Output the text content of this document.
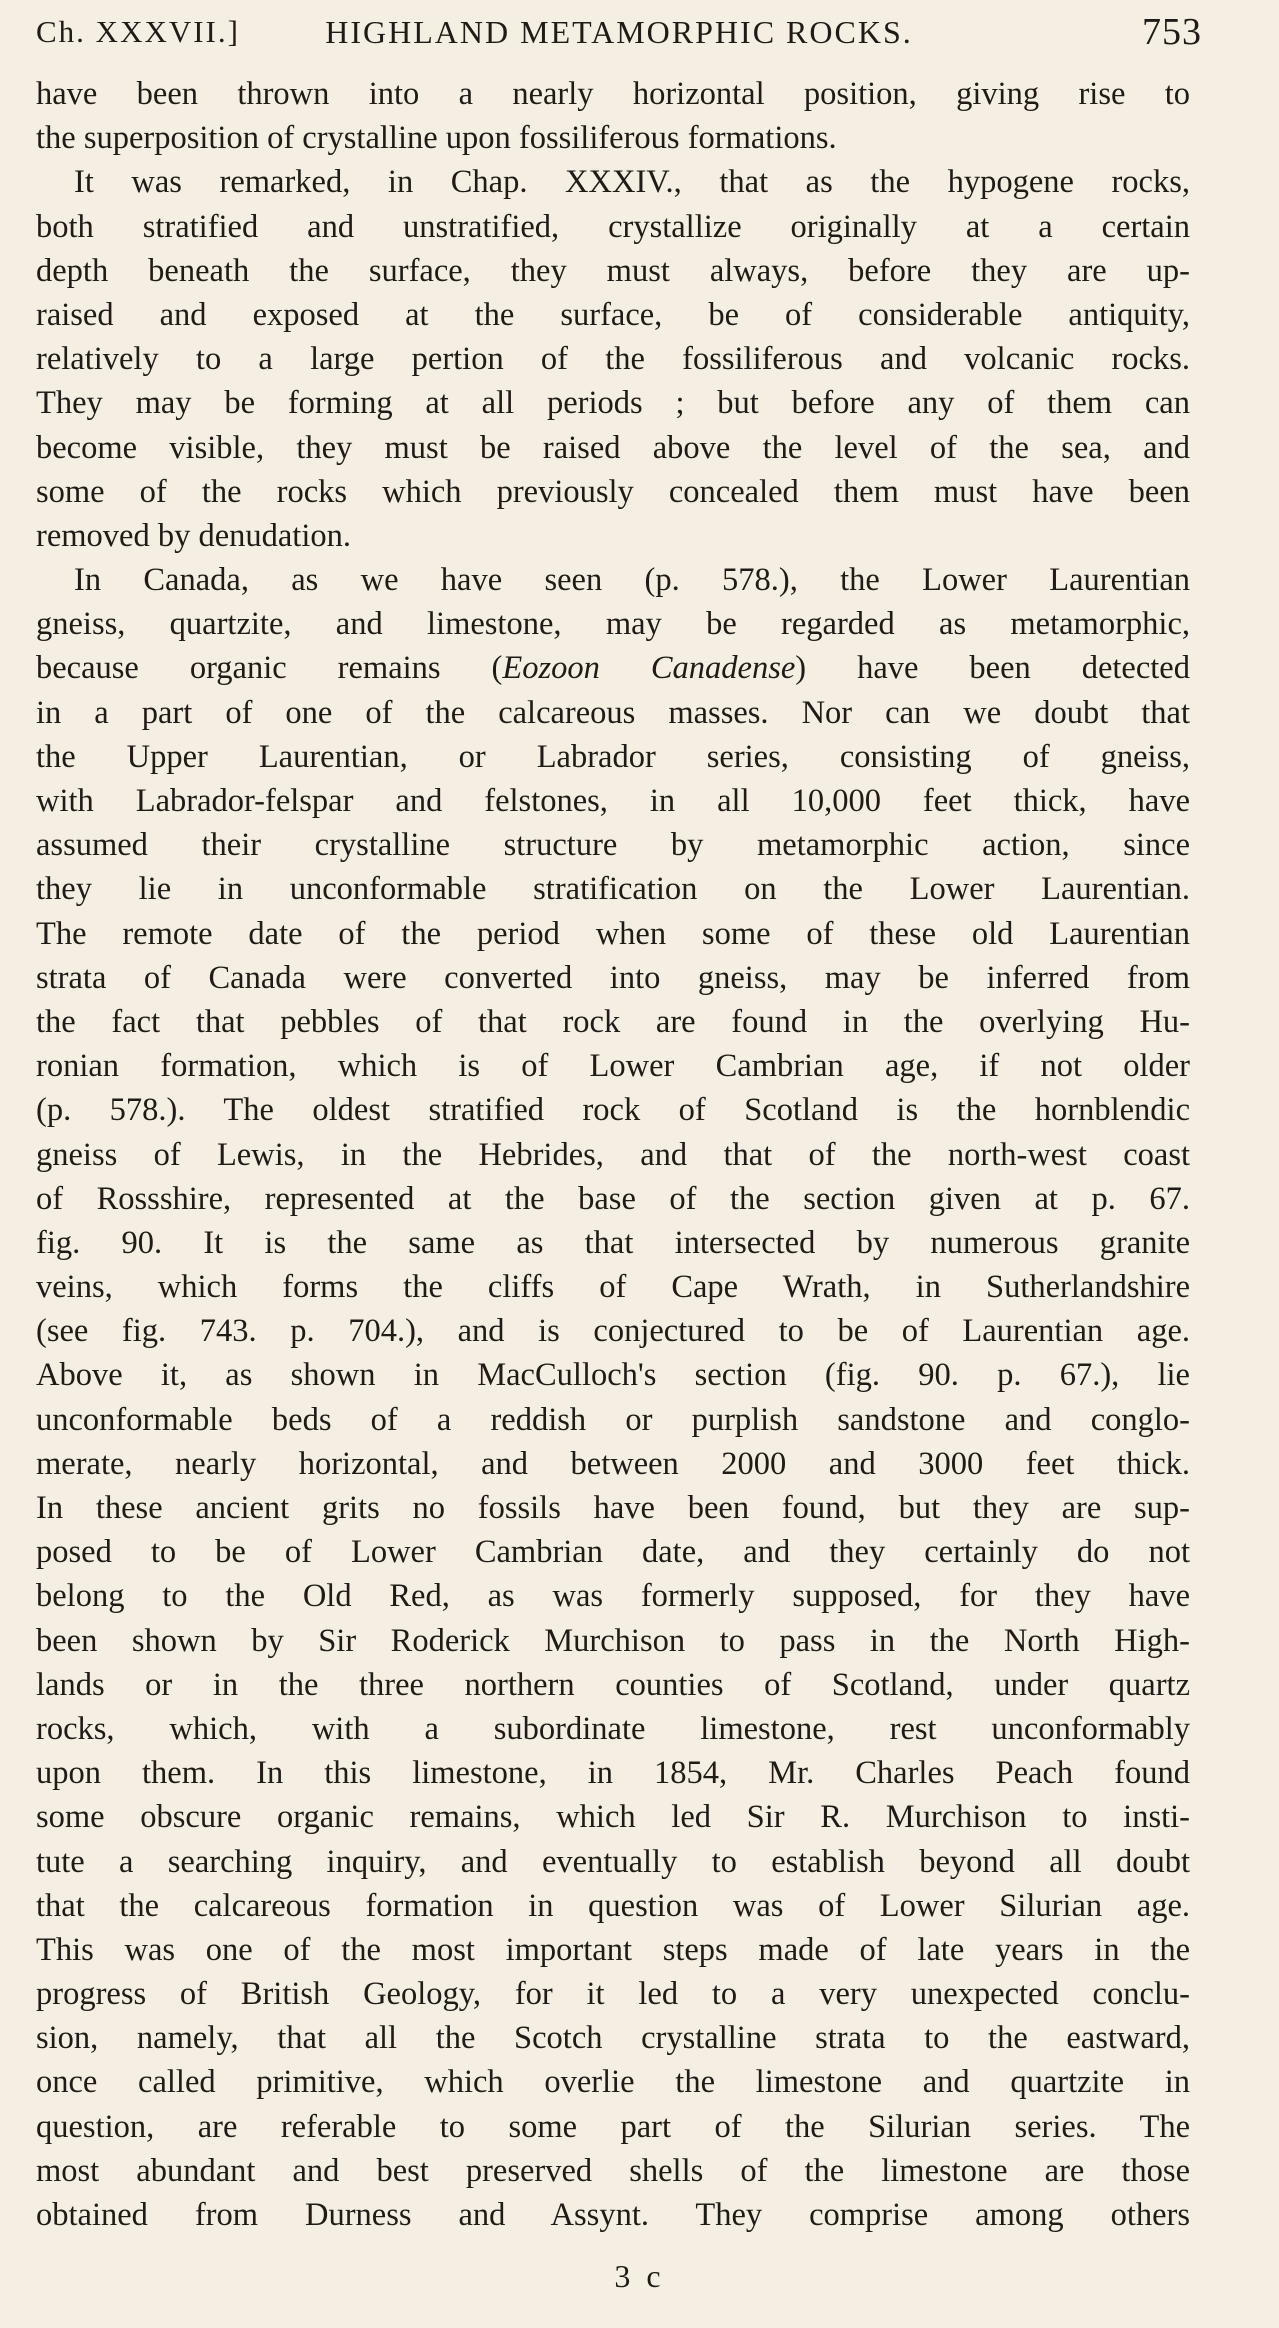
Ch. XXXVII.]	HIGHLAND METAMORPHIC ROCKS.	753
have been thrown into a nearly horizontal position, giving rise to
the superposition of crystalline upon fossiliferous formations.
It was remarked, in Chap. XXXIV., that as the hypogene rocks,
both stratified and unstratified, crystallize originally at a certain
depth beneath the surface, they must always, before they are up-
raised and exposed at the surface, be of considerable antiquity,
relatively to a large pertion of the fossiliferous and volcanic rocks.
They may be forming at all periods ; but before any of them can
become visible, they must be raised above the level of the sea, and
some of the rocks which previously concealed them must have been
removed by denudation.
In Canada, as we have seen (p. 578.), the Lower Laurentian
gneiss, quartzite, and limestone, may be regarded as metamorphic,
because organic remains (Eozoon Canadense) have been detected
in a part of one of the calcareous masses. Nor can we doubt that
the Upper Laurentian, or Labrador series, consisting of gneiss,
with Labrador-felspar and felstones, in all 10,000 feet thick, have
assumed their crystalline structure by metamorphic action, since
they lie in unconformable stratification on the Lower Laurentian.
The remote date of the period when some of these old Laurentian
strata of Canada were converted into gneiss, may be inferred from
the fact that pebbles of that rock are found in the overlying Hu-
ronian formation, which is of Lower Cambrian age, if not older
(p. 578.). The oldest stratified rock of Scotland is the hornblendic
gneiss of Lewis, in the Hebrides, and that of the north-west coast
of Rossshire, represented at the base of the section given at p. 67.
fig. 90. It is the same as that intersected by numerous granite
veins, which forms the cliffs of Cape Wrath, in Sutherlandshire
(see fig. 743. p. 704.), and is conjectured to be of Laurentian age.
Above it, as shown in MacCulloch's section (fig. 90. p. 67.), lie
unconformable beds of a reddish or purplish sandstone and conglo-
merate, nearly horizontal, and between 2000 and 3000 feet thick.
In these ancient grits no fossils have been found, but they are sup-
posed to be of Lower Cambrian date, and they certainly do not
belong to the Old Red, as was formerly supposed, for they have
been shown by Sir Roderick Murchison to pass in the North High-
lands or in the three northern counties of Scotland, under quartz
rocks, which, with a subordinate limestone, rest unconformably
upon them. In this limestone, in 1854, Mr. Charles Peach found
some obscure organic remains, which led Sir R. Murchison to insti-
tute a searching inquiry, and eventually to establish beyond all doubt
that the calcareous formation in question was of Lower Silurian age.
This was one of the most important steps made of late years in the
progress of British Geology, for it led to a very unexpected conclu-
sion, namely, that all the Scotch crystalline strata to the eastward,
once called primitive, which overlie the limestone and quartzite in
question, are referable to some part of the Silurian series. The
most abundant and best preserved shells of the limestone are those
obtained from Durness and Assynt. They comprise among others
3 c
